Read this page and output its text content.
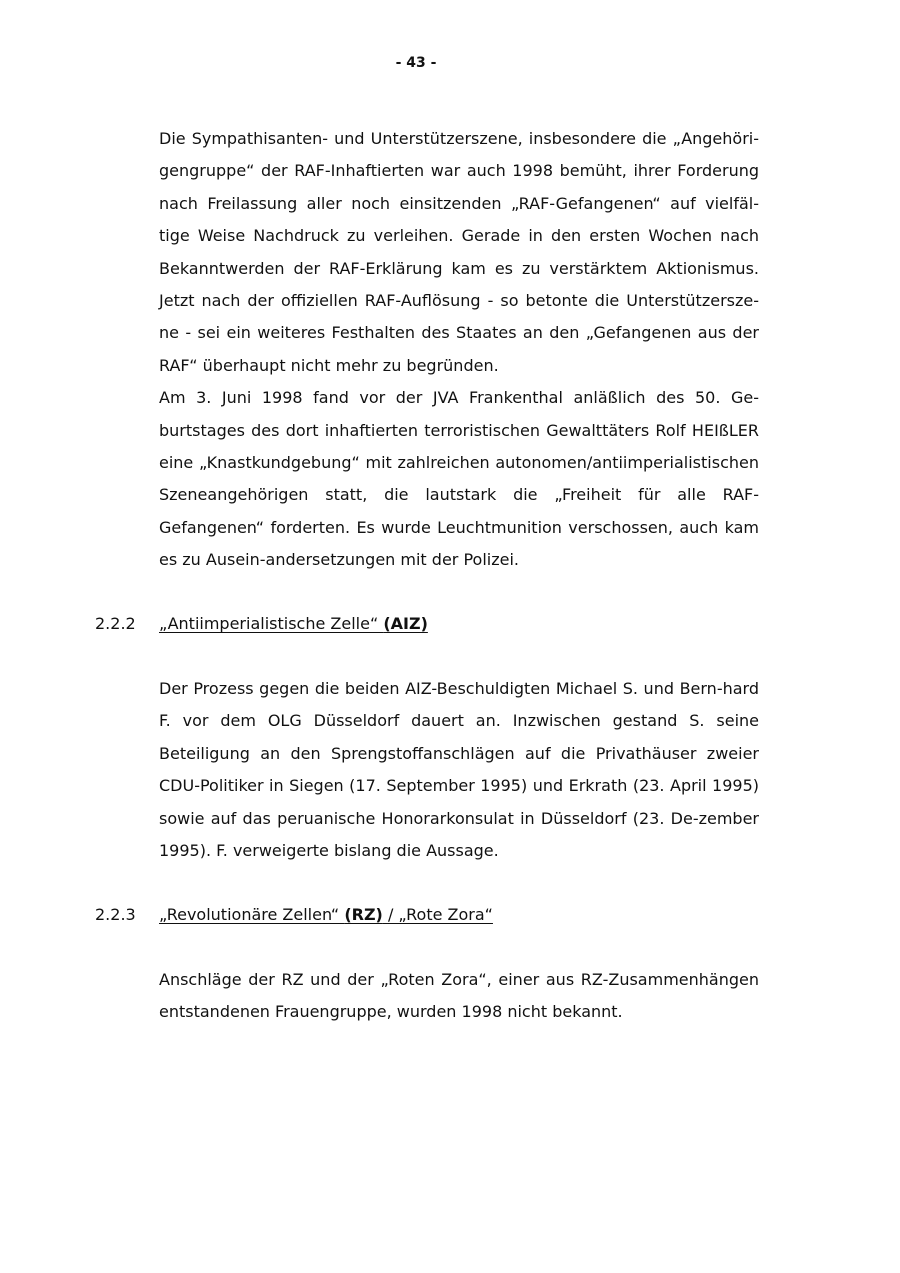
- 43 -

Die Sympathisanten- und Unterstützerszene, insbesondere die „Angehöri-gengruppe“ der RAF-Inhaftierten war auch 1998 bemüht, ihrer Forderung nach Freilassung aller noch einsitzenden „RAF-Gefangenen“ auf vielfäl-tige Weise Nachdruck zu verleihen. Gerade in den ersten Wochen nach Bekanntwerden der RAF-Erklärung kam es zu verstärktem Aktionismus. Jetzt nach der offiziellen RAF-Auflösung - so betonte die Unterstützersze-ne - sei ein weiteres Festhalten des Staates an den „Gefangenen aus der RAF“ überhaupt nicht mehr zu begründen.

Am 3. Juni 1998 fand vor der JVA Frankenthal anläßlich des 50. Ge-burtstages des dort inhaftierten terroristischen Gewalttäters Rolf HEIßLER eine „Knastkundgebung“ mit zahlreichen autonomen/antiimperialistischen Szeneangehörigen statt, die lautstark die „Freiheit für alle RAF-Gefangenen“ forderten. Es wurde Leuchtmunition verschossen, auch kam es zu Ausein-andersetzungen mit der Polizei.

2.2.2 „Antiimperialistische Zelle“ (AIZ)

Der Prozess gegen die beiden AIZ-Beschuldigten Michael S. und Bern-hard F. vor dem OLG Düsseldorf dauert an. Inzwischen gestand S. seine Beteiligung an den Sprengstoffanschlägen auf die Privathäuser zweier CDU-Politiker in Siegen (17. September 1995) und Erkrath (23. April 1995) sowie auf das peruanische Honorarkonsulat in Düsseldorf (23. De-zember 1995). F. verweigerte bislang die Aussage.

2.2.3 „Revolutionäre Zellen“ (RZ) / „Rote Zora“

Anschläge der RZ und der „Roten Zora“, einer aus RZ-Zusammenhängen entstandenen Frauengruppe, wurden 1998 nicht bekannt.
